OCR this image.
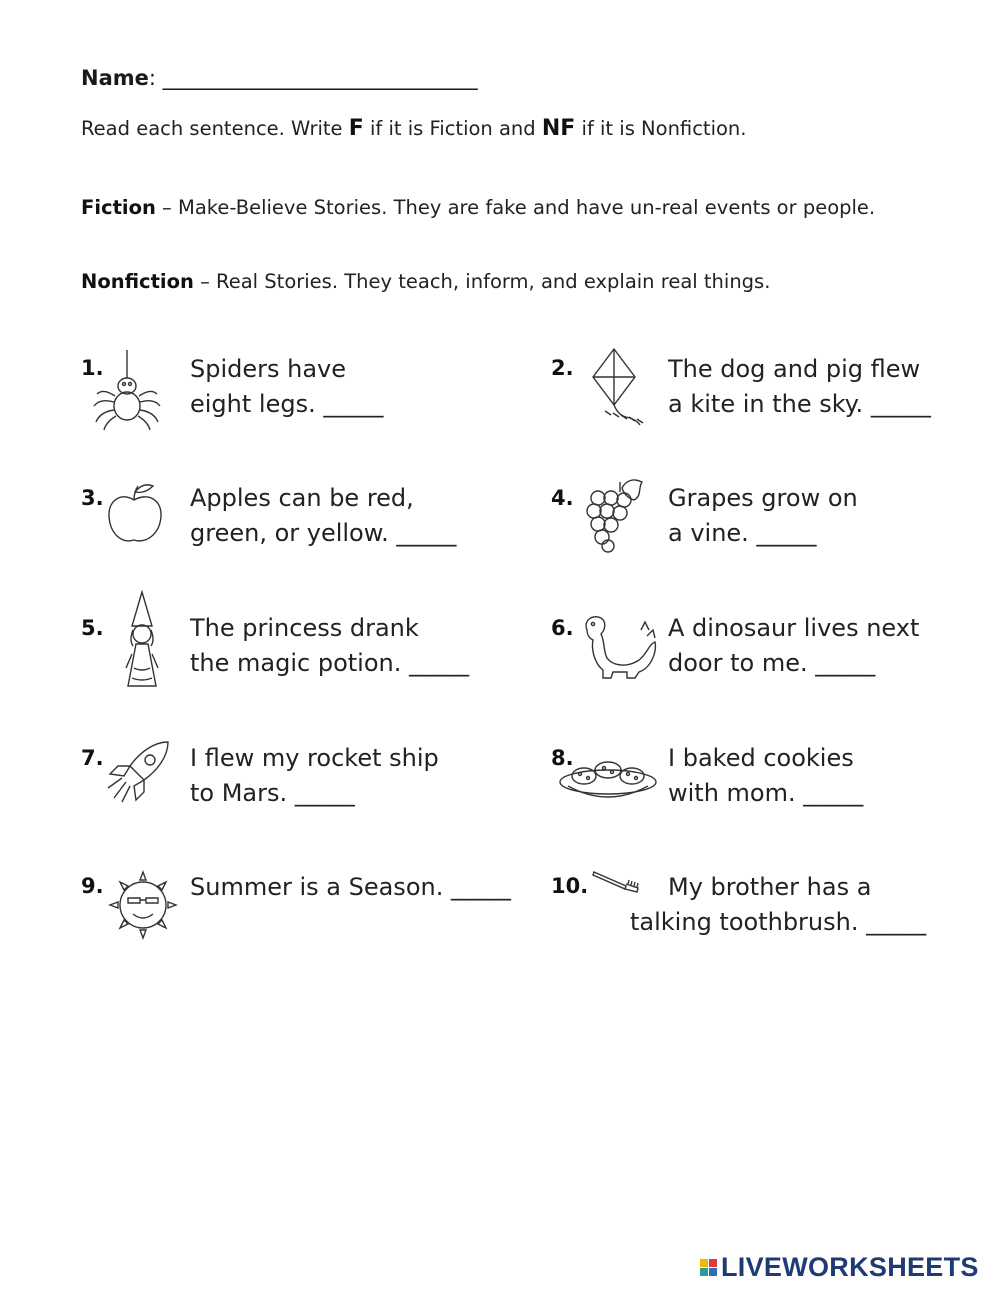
Name: ______________________________
Read each sentence. Write F if it is Fiction and NF if it is Nonfiction.
Fiction – Make-Believe Stories. They are fake and have un-real events or people.
Nonfiction – Real Stories. They teach, inform, and explain real things.
1.	Spiders have
eight legs. _____
2.	The dog and pig flew
a kite in the sky. _____
3.	Apples can be red,
green, or yellow. _____
4.	Grapes grow on
a vine. _____
5.	The princess drank
the magic potion. _____
6.	A dinosaur lives next
door to me. _____
7.	I flew my rocket ship
to Mars. _____
8.	I baked cookies
with mom. _____
9.	Summer is a Season. _____ 10.	My brother has a
talking toothbrush. _____
LIVEWORKSHEETS
